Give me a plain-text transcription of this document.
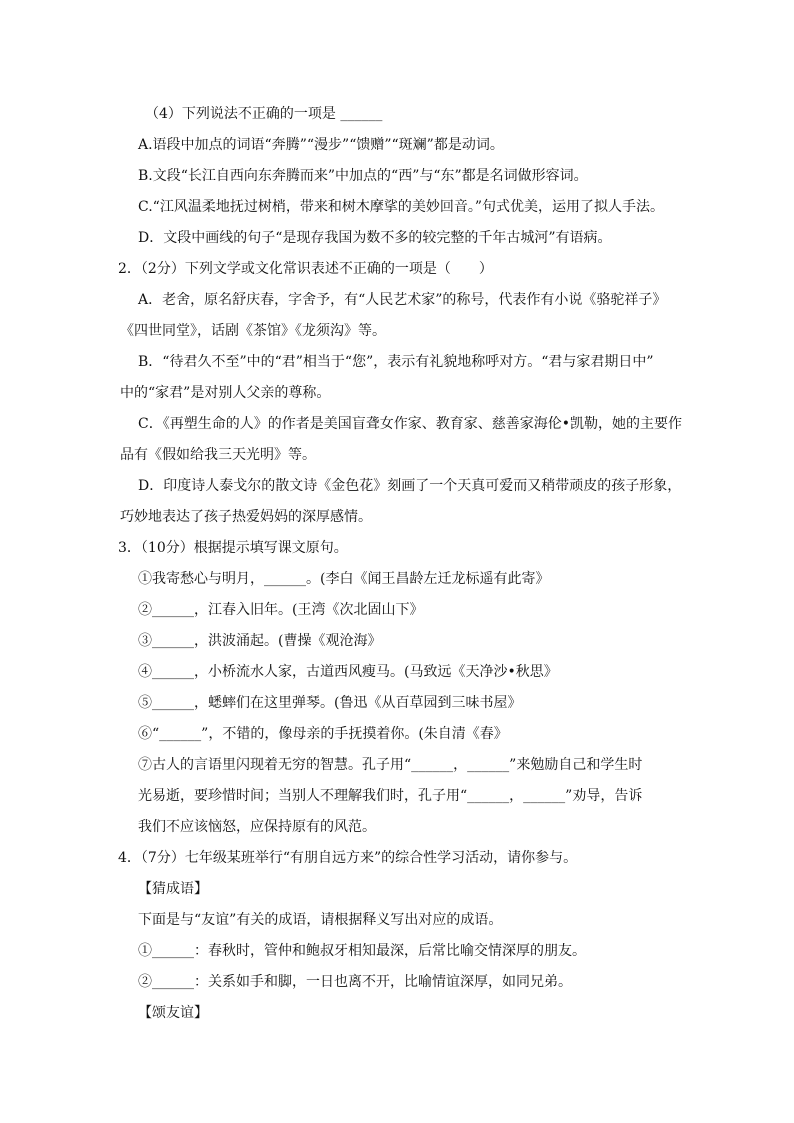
（4）下列说法不正确的一项是 ______
A.语段中加点的词语“奔腾”“漫步”“馈赠”“斑斓”都是动词。
B.文段“长江自西向东奔腾而来”中加点的“西”与“东”都是名词做形容词。
C.“江风温柔地抚过树梢，带来和树木摩挲的美妙回音。”句式优美，运用了拟人手法。
D．文段中画线的句子“是现存我国为数不多的较完整的千年古城河”有语病。
2．（2分）下列文学或文化常识表述不正确的一项是（　　）
A．老舍，原名舒庆春，字舍予，有“人民艺术家”的称号，代表作有小说《骆驼祥子》
《四世同堂》，话剧《茶馆》《龙须沟》等。
B．“待君久不至”中的“君”相当于“您”，表示有礼貌地称呼对方。“君与家君期日中”
中的“家君”是对别人父亲的尊称。
C．《再塑生命的人》的作者是美国盲聋女作家、教育家、慈善家海伦•凯勒，她的主要作
品有《假如给我三天光明》等。
D．印度诗人泰戈尔的散文诗《金色花》刻画了一个天真可爱而又稍带顽皮的孩子形象，
巧妙地表达了孩子热爱妈妈的深厚感情。
3．（10分）根据提示填写课文原句。
①我寄愁心与明月，______。(李白《闻王昌龄左迁龙标遥有此寄》
②______，江春入旧年。(王湾《次北固山下》
③______，洪波涌起。(曹操《观沧海》
④______，小桥流水人家，古道西风瘦马。(马致远《天净沙•秋思》
⑤______，蟋蟀们在这里弹琴。(鲁迅《从百草园到三味书屋》
⑥“______”，不错的，像母亲的手抚摸着你。(朱自清《春》
⑦古人的言语里闪现着无穷的智慧。孔子用“______，______”来勉励自己和学生时
光易逝，要珍惜时间；当别人不理解我们时，孔子用“______，______”劝导，告诉
我们不应该恼怒，应保持原有的风范。
4．（7分）七年级某班举行“有朋自远方来”的综合性学习活动，请你参与。
【猜成语】
下面是与“友谊”有关的成语，请根据释义写出对应的成语。
①______：春秋时，管仲和鲍叔牙相知最深，后常比喻交情深厚的朋友。
②______：关系如手和脚，一日也离不开，比喻情谊深厚，如同兄弟。
【颂友谊】
